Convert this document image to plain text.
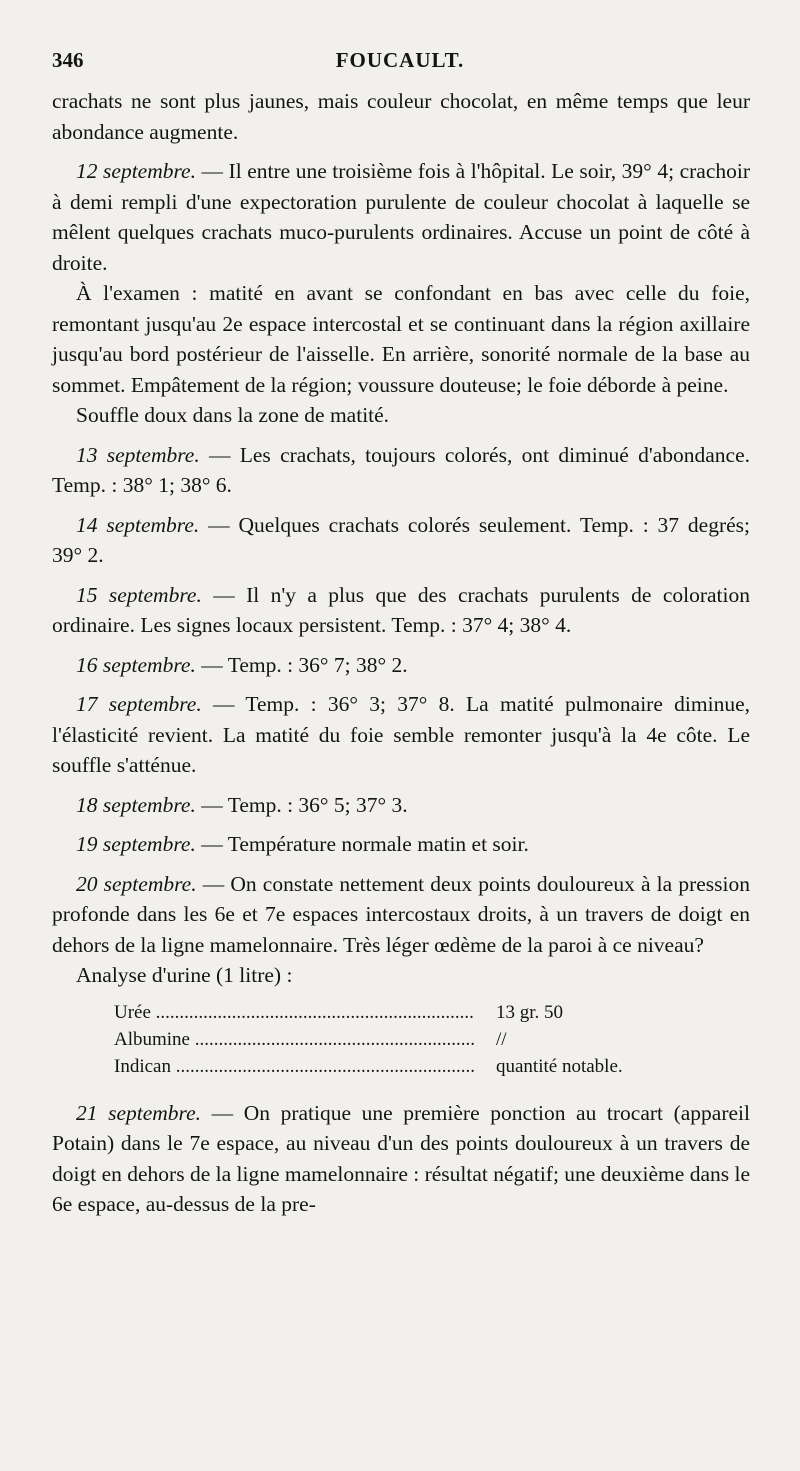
346	FOUCAULT.

crachats ne sont plus jaunes, mais couleur chocolat, en même temps que leur abondance augmente.

12 septembre. — Il entre une troisième fois à l'hôpital. Le soir, 39° 4; crachoir à demi rempli d'une expectoration purulente de couleur chocolat à laquelle se mêlent quelques crachats muco-purulents ordinaires. Accuse un point de côté à droite.

À l'examen : matité en avant se confondant en bas avec celle du foie, remontant jusqu'au 2e espace intercostal et se continuant dans la région axillaire jusqu'au bord postérieur de l'aisselle. En arrière, sonorité normale de la base au sommet. Empâtement de la région; voussure douteuse; le foie déborde à peine.

Souffle doux dans la zone de matité.

13 septembre. — Les crachats, toujours colorés, ont diminué d'abondance. Temp. : 38° 1; 38° 6.

14 septembre. — Quelques crachats colorés seulement. Temp. : 37 degrés; 39° 2.

15 septembre. — Il n'y a plus que des crachats purulents de coloration ordinaire. Les signes locaux persistent. Temp. : 37° 4; 38° 4.

16 septembre. — Temp. : 36° 7; 38° 2.

17 septembre. — Temp. : 36° 3; 37° 8. La matité pulmonaire diminue, l'élasticité revient. La matité du foie semble remonter jusqu'à la 4e côte. Le souffle s'atténue.

18 septembre. — Temp. : 36° 5; 37° 3.

19 septembre. — Température normale matin et soir.

20 septembre. — On constate nettement deux points douloureux à la pression profonde dans les 6e et 7e espaces intercostaux droits, à un travers de doigt en dehors de la ligne mamelonnaire. Très léger œdème de la paroi à ce niveau?

Analyse d'urine (1 litre) :

Urée .....	13 gr. 50
Albumine .....	//
Indican .....	quantité notable.

21 septembre. — On pratique une première ponction au trocart (appareil Potain) dans le 7e espace, au niveau d'un des points douloureux à un travers de doigt en dehors de la ligne mamelonnaire : résultat négatif; une deuxième dans le 6e espace, au-dessus de la pre-
